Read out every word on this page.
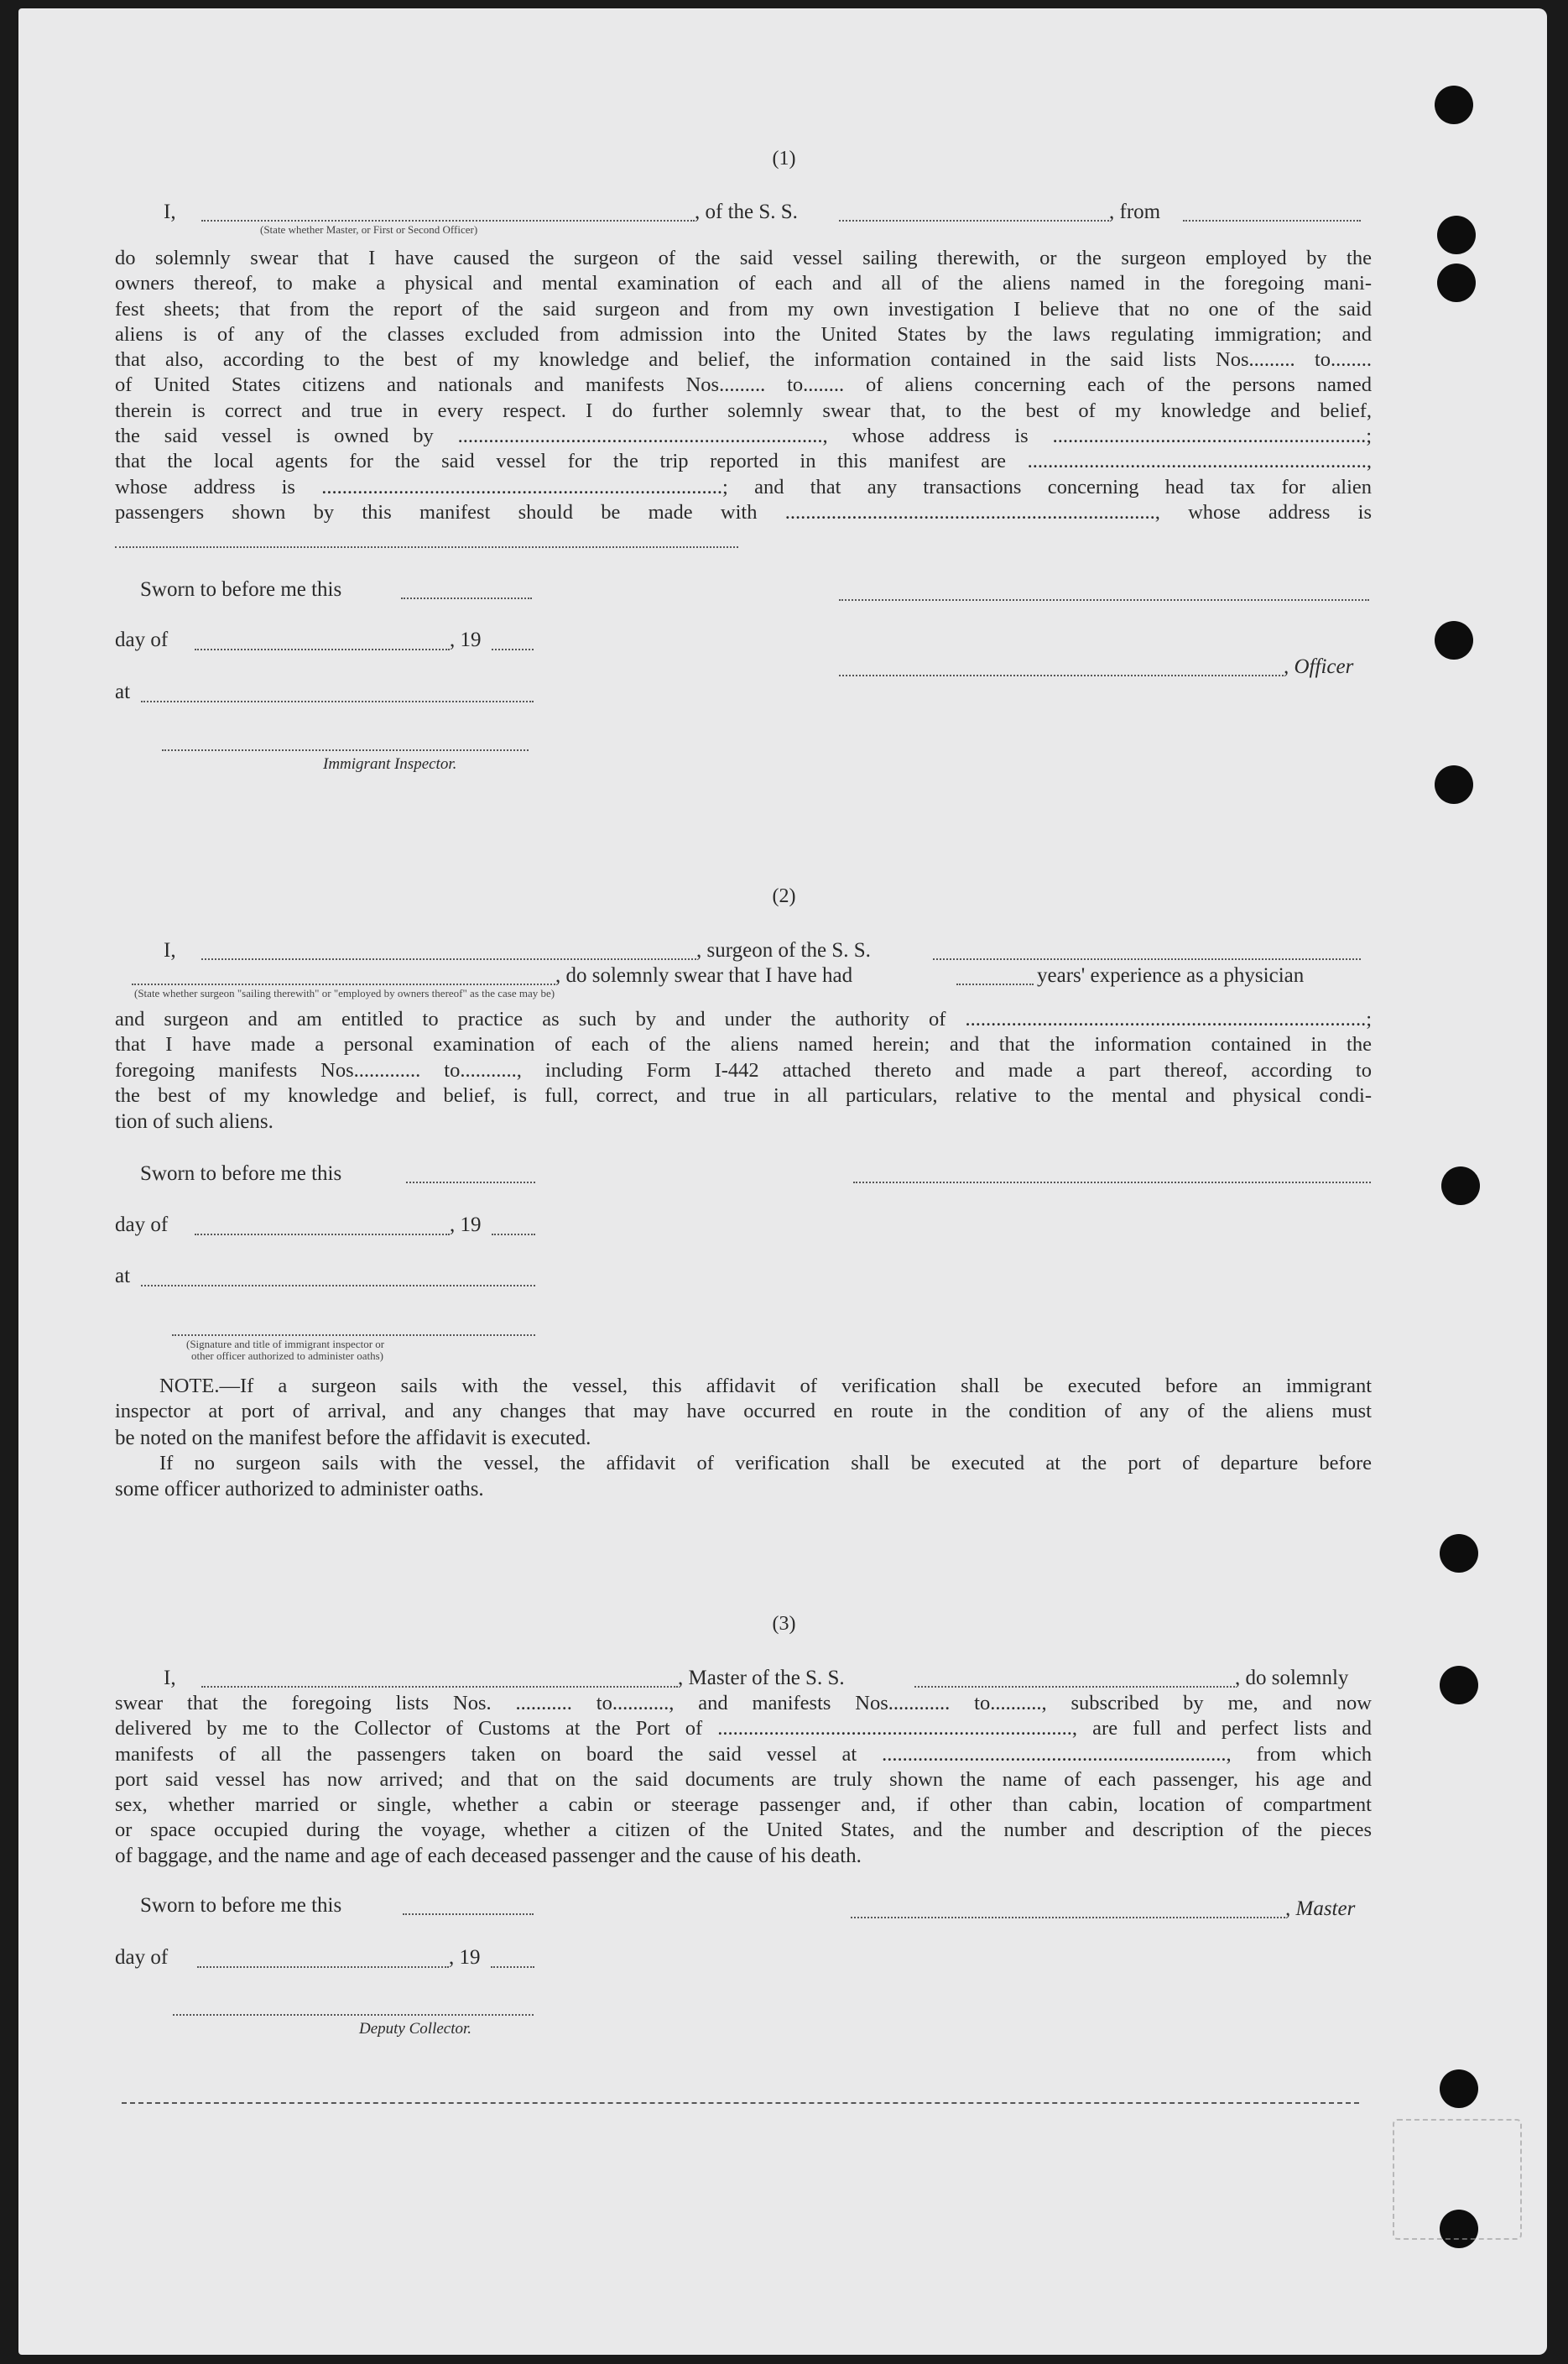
(1)
I,	, of the S. S.	, from
(State whether Master, or First or Second Officer)
do solemnly swear that I have caused the surgeon of the said vessel sailing therewith, or the surgeon employed by the
owners thereof, to make a physical and mental examination of each and all of the aliens named in the foregoing mani-
fest sheets; that from the report of the said surgeon and from my own investigation I believe that no one of the said
aliens is of any of the classes excluded from admission into the United States by the laws regulating immigration; and
that also, according to the best of my knowledge and belief, the information contained in the said lists Nos......... to........
of United States citizens and nationals and manifests Nos......... to........ of aliens concerning each of the persons named
therein is correct and true in every respect. I do further solemnly swear that, to the best of my knowledge and belief,
the said vessel is owned by ......................................................................., whose address is .............................................................;
that the local agents for the said vessel for the trip reported in this manifest are ..................................................................,
whose address is ..............................................................................; and that any transactions concerning head tax for alien
passengers shown by this manifest should be made with ........................................................................, whose address is
Sworn to before me this
day of	, 19
, Officer
at
Immigrant Inspector.
(2)
I,	, surgeon of the S. S.
, do solemnly swear that I have had	years' experience as a physician
(State whether surgeon "sailing therewith" or "employed by owners thereof" as the case may be)
and surgeon and am entitled to practice as such by and under the authority of ..............................................................................;
that I have made a personal examination of each of the aliens named herein; and that the information contained in the
foregoing manifests Nos............. to..........., including Form I-442 attached thereto and made a part thereof, according to
the best of my knowledge and belief, is full, correct, and true in all particulars, relative to the mental and physical condi-
tion of such aliens.
Sworn to before me this
day of	, 19
at
(Signature and title of immigrant inspector or
other officer authorized to administer oaths)
NOTE.—If a surgeon sails with the vessel, this affidavit of verification shall be executed before an immigrant
inspector at port of arrival, and any changes that may have occurred en route in the condition of any of the aliens must
be noted on the manifest before the affidavit is executed.
If no surgeon sails with the vessel, the affidavit of verification shall be executed at the port of departure before
some officer authorized to administer oaths.
(3)
I,	, Master of the S. S.	, do solemnly
swear that the foregoing lists Nos. ........... to..........., and manifests Nos............ to.........., subscribed by me, and now
delivered by me to the Collector of Customs at the Port of ....................................................................., are full and perfect lists and
manifests of all the passengers taken on board the said vessel at ..................................................................., from which
port said vessel has now arrived; and that on the said documents are truly shown the name of each passenger, his age and
sex, whether married or single, whether a cabin or steerage passenger and, if other than cabin, location of compartment
or space occupied during the voyage, whether a citizen of the United States, and the number and description of the pieces
of baggage, and the name and age of each deceased passenger and the cause of his death.
Sworn to before me this	, Master
day of	, 19
Deputy Collector.
